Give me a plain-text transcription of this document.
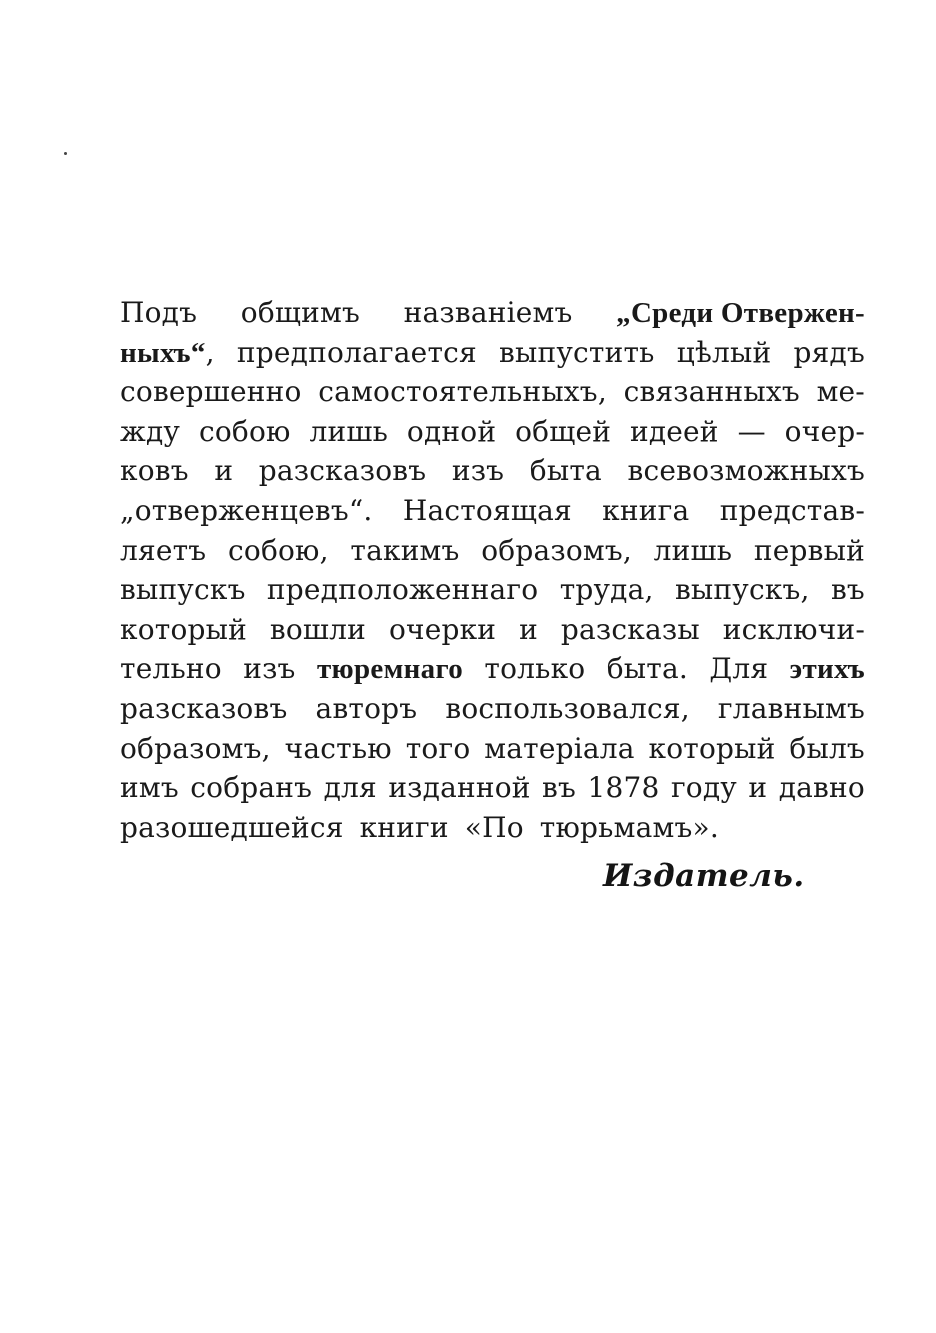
Подъ общимъ названіемъ „Среди Отвержен-
ныхъ“, предполагается выпустить цѣлый рядъ
совершенно самостоятельныхъ, связанныхъ ме-
жду собою лишь одной общей идеей — очер-
ковъ и разсказовъ изъ быта всевозможныхъ
„отверженцевъ“. Настоящая книга представ-
ляетъ собою, такимъ образомъ, лишь первый
выпускъ предположеннаго труда, выпускъ, въ
который вошли очерки и разсказы исключи-
тельно изъ тюремнаго только быта. Для этихъ
разсказовъ авторъ воспользовался, главнымъ
образомъ, частью того матеріала который былъ
имъ собранъ для изданной въ 1878 году и давно
разошедшейся книги «По тюрьмамъ».

Издатель.
